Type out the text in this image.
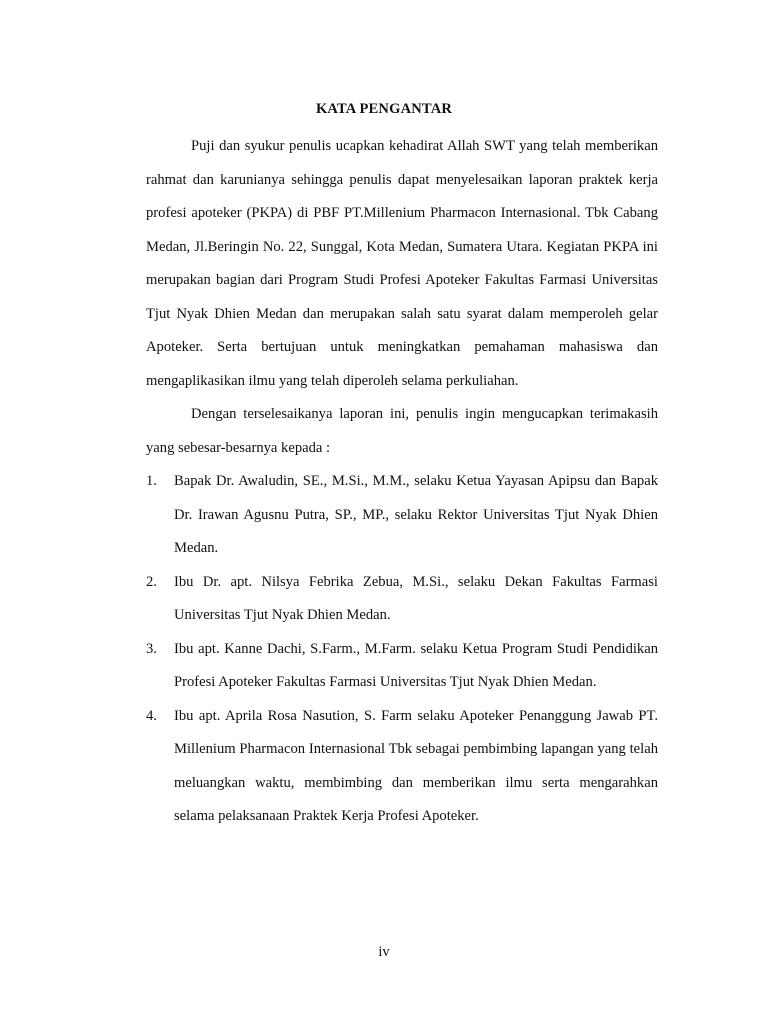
KATA PENGANTAR

Puji dan syukur penulis ucapkan kehadirat Allah SWT yang telah memberikan rahmat dan karunianya sehingga penulis dapat menyelesaikan laporan praktek kerja profesi apoteker (PKPA) di PBF PT.Millenium Pharmacon Internasional. Tbk Cabang Medan, Jl.Beringin No. 22, Sunggal, Kota Medan, Sumatera Utara. Kegiatan PKPA ini merupakan bagian dari Program Studi Profesi Apoteker Fakultas Farmasi Universitas Tjut Nyak Dhien Medan dan merupakan salah satu syarat dalam memperoleh gelar Apoteker. Serta bertujuan untuk meningkatkan pemahaman mahasiswa dan mengaplikasikan ilmu yang telah diperoleh selama perkuliahan.

Dengan terselesaikanya laporan ini, penulis ingin mengucapkan terimakasih yang sebesar-besarnya kepada :

1. Bapak Dr. Awaludin, SE., M.Si., M.M., selaku Ketua Yayasan Apipsu dan Bapak Dr. Irawan Agusnu Putra, SP., MP., selaku Rektor Universitas Tjut Nyak Dhien Medan.
2. Ibu Dr. apt. Nilsya Febrika Zebua, M.Si., selaku Dekan Fakultas Farmasi Universitas Tjut Nyak Dhien Medan.
3. Ibu apt. Kanne Dachi, S.Farm., M.Farm. selaku Ketua Program Studi Pendidikan Profesi Apoteker Fakultas Farmasi Universitas Tjut Nyak Dhien Medan.
4. Ibu apt. Aprila Rosa Nasution, S. Farm selaku Apoteker Penanggung Jawab PT. Millenium Pharmacon Internasional Tbk sebagai pembimbing lapangan yang telah meluangkan waktu, membimbing dan memberikan ilmu serta mengarahkan selama pelaksanaan Praktek Kerja Profesi Apoteker.
iv
